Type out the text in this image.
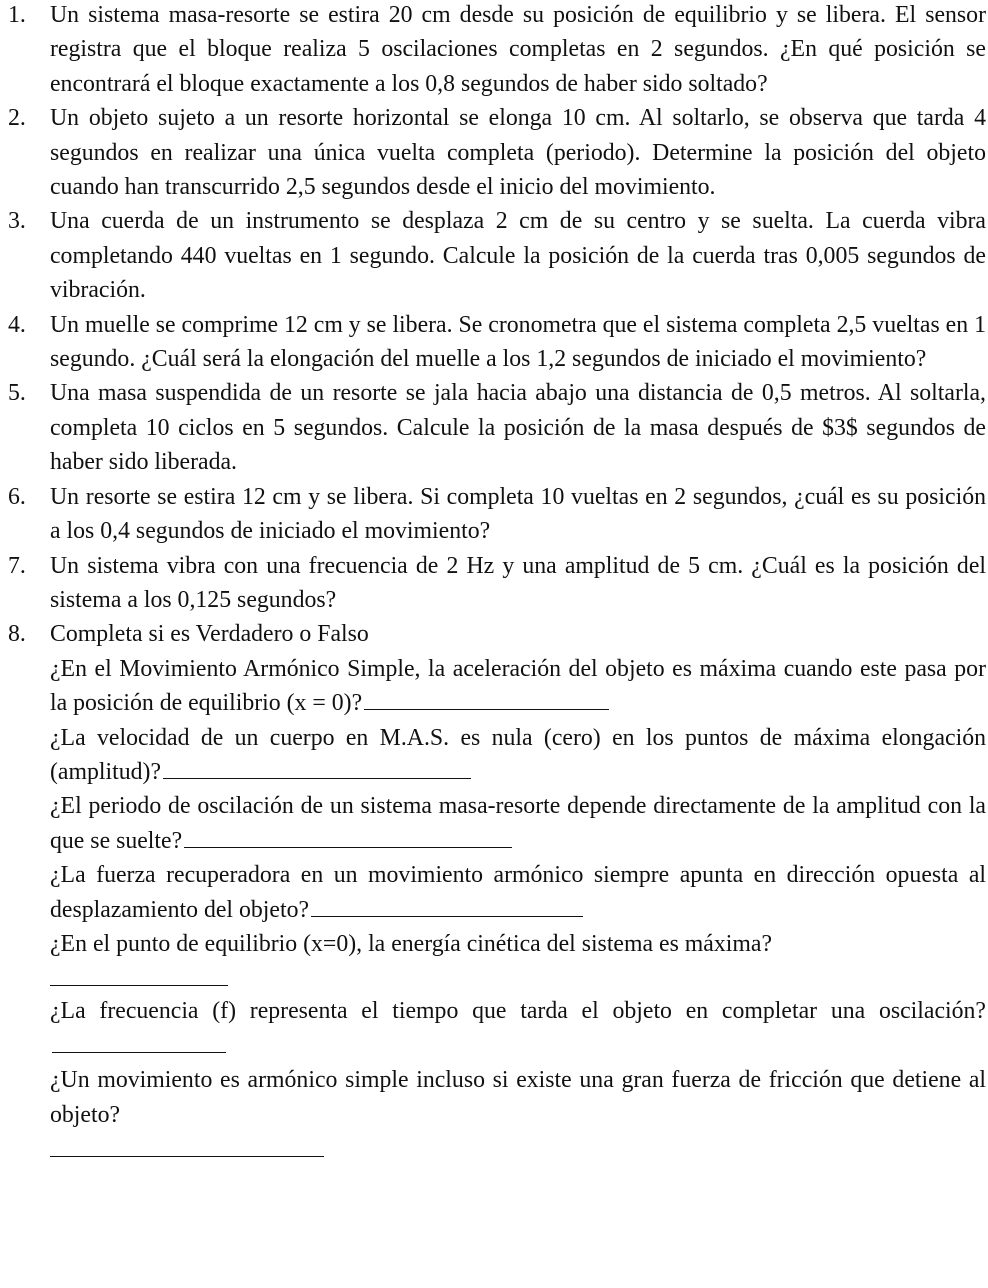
1.	Un sistema masa-resorte se estira 20 cm desde su posición de equilibrio y se libera. El sensor registra que el bloque realiza 5 oscilaciones completas en 2 segundos. ¿En qué posición se encontrará el bloque exactamente a los 0,8 segundos de haber sido soltado?
2.	Un objeto sujeto a un resorte horizontal se elonga 10 cm. Al soltarlo, se observa que tarda 4 segundos en realizar una única vuelta completa (periodo). Determine la posición del objeto cuando han transcurrido 2,5 segundos desde el inicio del movimiento.
3.	Una cuerda de un instrumento se desplaza 2 cm de su centro y se suelta. La cuerda vibra completando 440 vueltas en 1 segundo. Calcule la posición de la cuerda tras 0,005 segundos de vibración.
4.	Un muelle se comprime 12 cm y se libera. Se cronometra que el sistema completa 2,5 vueltas en 1 segundo. ¿Cuál será la elongación del muelle a los 1,2 segundos de iniciado el movimiento?
5.	Una masa suspendida de un resorte se jala hacia abajo una distancia de 0,5 metros. Al soltarla, completa 10 ciclos en 5 segundos. Calcule la posición de la masa después de $3$ segundos de haber sido liberada.
6.	Un resorte se estira 12 cm y se libera. Si completa 10 vueltas en 2 segundos, ¿cuál es su posición a los 0,4 segundos de iniciado el movimiento?
7.	Un sistema vibra con una frecuencia de 2 Hz y una amplitud de 5 cm. ¿Cuál es la posición del sistema a los 0,125 segundos?
8.	Completa si es Verdadero o Falso
¿En el Movimiento Armónico Simple, la aceleración del objeto es máxima cuando este pasa por la posición de equilibrio (x = 0)?
¿La velocidad de un cuerpo en M.A.S. es nula (cero) en los puntos de máxima elongación (amplitud)?
¿El periodo de oscilación de un sistema masa-resorte depende directamente de la amplitud con la que se suelte?
¿La fuerza recuperadora en un movimiento armónico siempre apunta en dirección opuesta al desplazamiento del objeto?
¿En el punto de equilibrio (x=0), la energía cinética del sistema es máxima?
¿La frecuencia (f) representa el tiempo que tarda el objeto en completar una oscilación?
¿Un movimiento es armónico simple incluso si existe una gran fuerza de fricción que detiene al objeto?
